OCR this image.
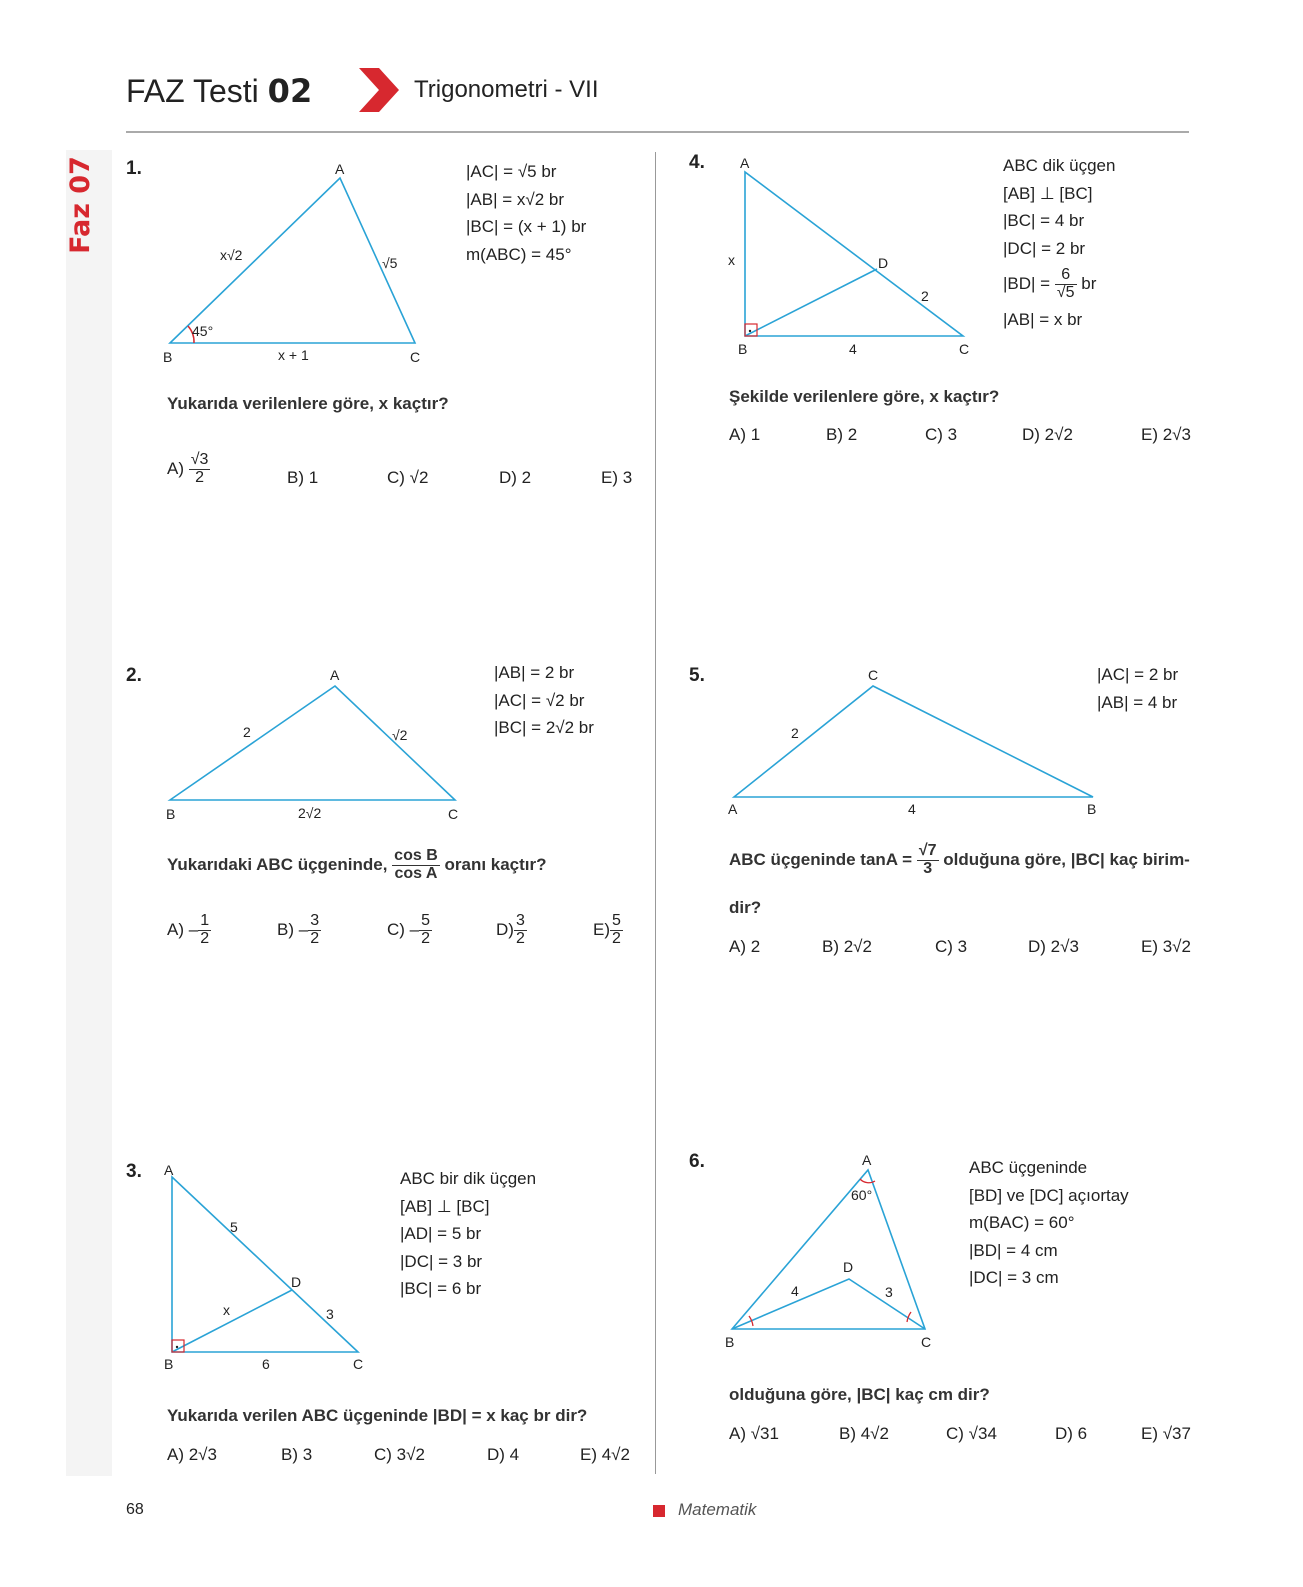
FAZ Testi 02	Trigonometri - VII
Faz 07 1.	A
B	C
x√2	√5
x + 1
45°
|AC| = √5 br
|AB| = x√2 br
|BC| = (x + 1) br
m(ABC) = 45°
Yukarıda verilenlere göre, x kaçtır?
$A) \frac{√3}{2}$	B) 1	C) √2	D) 2	E) 3
2.	A
B	C
2	√2
2√2
|AB| = 2 br
|AC| = √2 br
|BC| = 2√2 br
Yukarıdaki ABC üçgeninde, $\frac{\text{cos B}}{\text{cos A}}$ oranı kaçtır?
$A) - \frac{1}{2}$	$B) - \frac{3}{2}$	$C) - \frac{5}{2}$	$D) \frac{3}{2}$	$E) \frac{5}{2}$
3. A
B	C
D
5
3
x
6
ABC bir dik üçgen
[AB] ⊥ [BC]
|AD| = 5 br
|DC| = 3 br
|BC| = 6 br
Yukarıda verilen ABC üçgeninde |BD| = x kaç br dir?
A) 2√3	B) 3	C) 3√2	D) 4	E) 4√2
4.	A
B	C
D
x
2
4
ABC dik üçgen
[AB] ⊥ [BC]
|BC| = 4 br
|DC| = 2 br
$|BD| = \frac{6}{√5}$ br
|AB| = x br
Şekilde verilenlere göre, x kaçtır?
A) 1	B) 2	C) 3	D) 2√2	E) 2√3
5.	C
A	B
2
4
|AC| = 2 br
|AB| = 4 br
ABC üçgeninde $\tan A = \frac{√7}{3}$ olduğuna göre, |BC| kaç birim-
dir?
A) 2	B) 2√2	C) 3	D) 2√3	E) 3√2
6.	A
B	C
D
4	3
60°
ABC üçgeninde
[BD] ve [DC] açıortay
m(BAC) = 60°
|BD| = 4 cm
|DC| = 3 cm
olduğuna göre, |BC| kaç cm dir?
A) √31	B) 4√2	C) √34	D) 6	E) √37
68	Matematik
